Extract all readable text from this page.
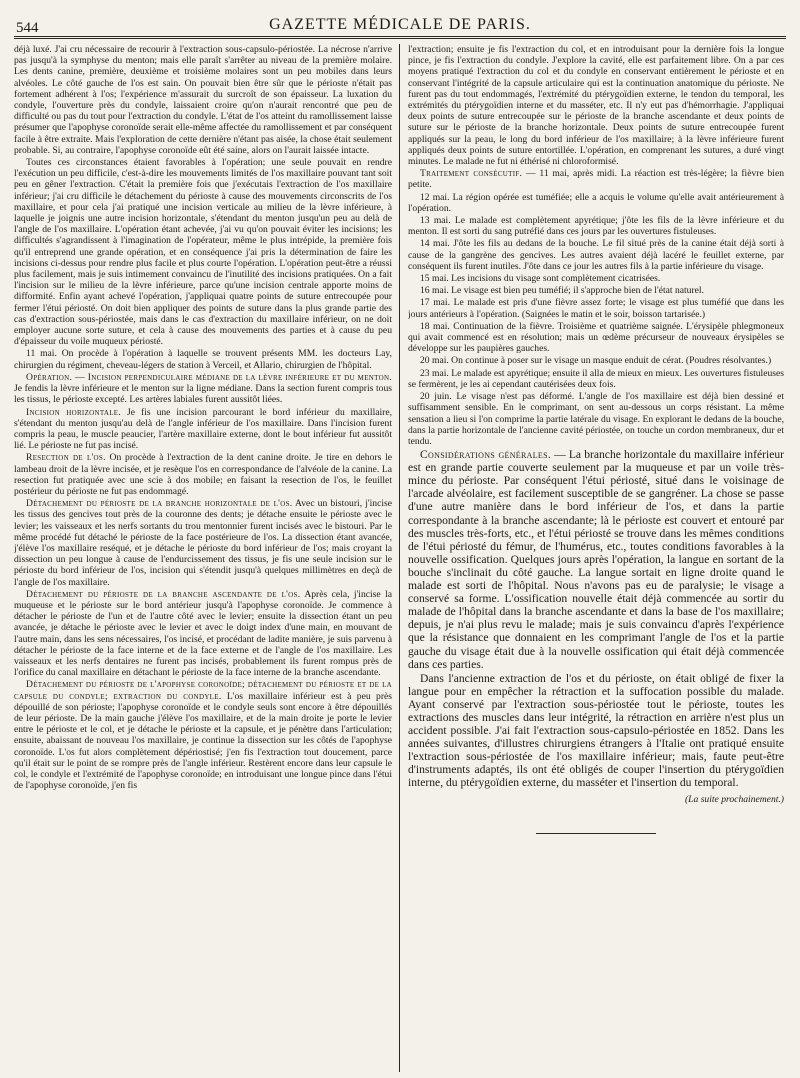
544	GAZETTE MÉDICALE DE PARIS.

déjà luxé. J'ai cru nécessaire de recourir à l'extraction sous-capsulo-périostée. La nécrose n'arrive pas jusqu'à la symphyse du menton; mais elle paraît s'arrêter au niveau de la première molaire. Les dents canine, première, deuxième et troisième molaires sont un peu mobiles dans leurs alvéoles. Le côté gauche de l'os est sain. On pouvait bien être sûr que le périoste n'était pas fortement adhérent à l'os; l'expérience m'assurait du surcroît de son épaisseur. La luxation du condyle, l'ouverture près du condyle, laissaient croire qu'on n'aurait rencontré que peu de difficulté ou pas du tout pour l'extraction du condyle. L'état de l'os atteint du ramollissement laisse présumer que l'apophyse coronoïde serait elle-même affectée du ramollissement et par conséquent facile à être extraite. Mais l'exploration de cette dernière n'étant pas aisée, la chose était seulement probable. Si, au contraire, l'apophyse coronoïde eût été saine, alors on l'aurait laissée intacte.

Toutes ces circonstances étaient favorables à l'opération; une seule pouvait en rendre l'exécution un peu difficile, c'est-à-dire les mouvements limités de l'os maxillaire pouvant tant soit peu en gêner l'extraction. C'était la première fois que j'exécutais l'extraction de l'os maxillaire inférieur; j'ai cru difficile le détachement du périoste à cause des mouvements circonscrits de l'os maxillaire, et pour cela j'ai pratiqué une incision verticale au milieu de la lèvre inférieure, à laquelle je joignis une autre incision horizontale, s'étendant du menton jusqu'un peu au delà de l'angle de l'os maxillaire. L'opération étant achevée, j'ai vu qu'on pouvait éviter les incisions; les difficultés s'agrandissent à l'imagination de l'opérateur, même le plus intrépide, la première fois qu'il entreprend une grande opération, et en conséquence j'ai pris la détermination de faire les incisions ci-dessus pour rendre plus facile et plus courte l'opération. L'opération peut-être a réussi plus facilement, mais je suis intimement convaincu de l'inutilité des incisions pratiquées. On a fait l'incision sur le milieu de la lèvre inférieure, parce qu'une incision centrale apporte moins de difformité. Enfin ayant achevé l'opération, j'appliquai quatre points de suture entrecoupée pour fermer l'étui périosté. On doit bien appliquer des points de suture dans la plus grande partie des cas d'extraction sous-périostée, mais dans le cas d'extraction du maxillaire inférieur, on ne doit employer aucune sorte suture, et cela à cause des mouvements des parties et à cause du peu d'épaisseur du voile muqueux périosté.

11 mai. On procède à l'opération à laquelle se trouvent présents MM. les docteurs Lay, chirurgien du régiment, cheveau-légers de station à Verceil, et Allario, chirurgien de l'hôpital.

Opération. — Incision perpendiculaire médiane de la lèvre inférieure et du menton. Je fendis la lèvre inférieure et le menton sur la ligne médiane. Dans la section furent compris tous les tissus, le périoste excepté. Les artères labiales furent aussitôt liées.

Incision horizontale. Je fis une incision parcourant le bord inférieur du maxillaire, s'étendant du menton jusqu'au delà de l'angle inférieur de l'os maxillaire. Dans l'incision furent compris la peau, le muscle peaucier, l'artère maxillaire externe, dont le bout inférieur fut aussitôt lié. Le périoste ne fut pas incisé.

Resection de l'os. On procède à l'extraction de la dent canine droite. Je tire en dehors le lambeau droit de la lèvre incisée, et je resèque l'os en correspondance de l'alvéole de la canine. La resection fut pratiquée avec une scie à dos mobile; en faisant la resection de l'os, le feuillet postérieur du périoste ne fut pas endommagé.

Détachement du périoste de la branche horizontale de l'os. Avec un bistouri, j'incise les tissus des gencives tout près de la couronne des dents; je détache ensuite le périoste avec le levier; les vaisseaux et les nerfs sortants du trou mentonnier furent incisés avec le bistouri. Par le même procédé fut détaché le périoste de la face postérieure de l'os. La dissection étant avancée, j'élève l'os maxillaire reséqué, et je détache le périoste du bord inférieur de l'os; mais croyant la dissection un peu longue à cause de l'endurcissement des tissus, je fis une seule incision sur le périoste du bord inférieur de l'os, incision qui s'étendit jusqu'à quelques millimètres en deçà de l'angle de l'os maxillaire.

Détachement du périoste de la branche ascendante de l'os. Après cela, j'incise la muqueuse et le périoste sur le bord antérieur jusqu'à l'apophyse coronoïde. Je commence à détacher le périoste de l'un et de l'autre côté avec le levier; ensuite la dissection étant un peu avancée, je détache le périoste avec le levier et avec le doigt index d'une main, en mouvant de l'autre main, dans les sens nécessaires, l'os incisé, et procédant de ladite manière, je suis parvenu à détacher le périoste de la face interne et de la face externe et de l'angle de l'os maxillaire. Les vaisseaux et les nerfs dentaires ne furent pas incisés, probablement ils furent rompus près de l'orifice du canal maxillaire en détachant le périoste de la face interne de la branche ascendante.

Détachement du périoste de l'apophyse coronoïde; détachement du périoste et de la capsule du condyle; extraction du condyle. L'os maxillaire inférieur est à peu près dépouillé de son périoste; l'apophyse coronoïde et le condyle seuls sont encore à être dépouillés de leur périoste. De la main gauche j'élève l'os maxillaire, et de la main droite je porte le levier entre le périoste et le col, et je détache le périoste et la capsule, et je pénètre dans l'articulation; ensuite, abaissant de nouveau l'os maxillaire, je continue la dissection sur les côtés de l'apophyse coronoïde. L'os fut alors complètement dépériostisé; j'en fis l'extraction tout doucement, parce qu'il était sur le point de se rompre près de l'angle inférieur. Restèrent encore dans leur capsule le col, le condyle et l'extrémité de l'apophyse coronoïde; en introduisant une longue pince dans l'étui de l'apophyse coronoïde, j'en fis

l'extraction; ensuite je fis l'extraction du col, et en introduisant pour la dernière fois la longue pince, je fis l'extraction du condyle. J'explore la cavité, elle est parfaitement libre. On a par ces moyens pratiqué l'extraction du col et du condyle en conservant entièrement le périoste et en conservant l'intégrité de la capsule articulaire qui est la continuation anatomique du périoste. Ne furent pas du tout endommagés, l'extrémité du ptérygoïdien externe, le tendon du temporal, les extrémités du ptérygoïdien interne et du masséter, etc. Il n'y eut pas d'hémorrhagie. J'appliquai deux points de suture entrecoupée sur le périoste de la branche ascendante et deux points de suture sur le périoste de la branche horizontale. Deux points de suture entrecoupée furent appliqués sur la peau, le long du bord inférieur de l'os maxillaire; à la lèvre inférieure furent appliqués deux points de suture entortillée. L'opération, en comprenant les sutures, a duré vingt minutes. Le malade ne fut ni éthérisé ni chloroformisé.

Traitement consécutif. — 11 mai, après midi. La réaction est très-légère; la fièvre bien petite.

12 mai. La région opérée est tuméfiée; elle a acquis le volume qu'elle avait antérieurement à l'opération.

13 mai. Le malade est complètement apyrétique; j'ôte les fils de la lèvre inférieure et du menton. Il est sorti du sang putréfié dans ces jours par les ouvertures fistuleuses.

14 mai. J'ôte les fils au dedans de la bouche. Le fil situé près de la canine était déjà sorti à cause de la gangrène des gencives. Les autres avaient déjà lacéré le feuillet externe, par conséquent ils furent inutiles. J'ôte dans ce jour les autres fils à la partie inférieure du visage.

15 mai. Les incisions du visage sont complètement cicatrisées.

16 mai. Le visage est bien peu tuméfié; il s'approche bien de l'état naturel.

17 mai. Le malade est pris d'une fièvre assez forte; le visage est plus tuméfié que dans les jours antérieurs à l'opération. (Saignées le matin et le soir, boisson tartarisée.)

18 mai. Continuation de la fièvre. Troisième et quatrième saignée. L'érysipèle phlegmoneux qui avait commencé est en résolution; mais un œdème précurseur de nouveaux érysipèles se développe sur les paupières gauches.

20 mai. On continue à poser sur le visage un masque enduit de cérat. (Poudres résolvantes.)

23 mai. Le malade est apyrétique; ensuite il alla de mieux en mieux. Les ouvertures fistuleuses se fermèrent, je les ai cependant cautérisées deux fois.

20 juin. Le visage n'est pas déformé. L'angle de l'os maxillaire est déjà bien dessiné et suffisamment sensible. En le comprimant, on sent au-dessous un corps résistant. La même sensation a lieu si l'on comprime la partie latérale du visage. En explorant le dedans de la bouche, dans la partie horizontale de l'ancienne cavité périostée, on touche un cordon membraneux, dur et tendu.

Considérations générales. — La branche horizontale du maxillaire inférieur est en grande partie couverte seulement par la muqueuse et par un voile très-mince du périoste. Par conséquent l'étui périosté, situé dans le voisinage de l'arcade alvéolaire, est facilement susceptible de se gangréner. La chose se passe d'une autre manière dans le bord inférieur de l'os, et dans la partie correspondante à la branche ascendante; là le périoste est couvert et entouré par des muscles très-forts, etc., et l'étui périosté se trouve dans les mêmes conditions de l'étui périosté du fémur, de l'humérus, etc., toutes conditions favorables à la nouvelle ossification. Quelques jours après l'opération, la langue en sortant de la bouche s'inclinait du côté gauche. La langue sortait en ligne droite quand le malade est sorti de l'hôpital. Nous n'avons pas eu de paralysie; le visage a conservé sa forme. L'ossification nouvelle était déjà commencée au sortir du malade de l'hôpital dans la branche ascendante et dans la base de l'os maxillaire; depuis, je n'ai plus revu le malade; mais je suis convaincu d'après l'expérience que la résistance que donnaient en les comprimant l'angle de l'os et la partie gauche du visage était due à la nouvelle ossification qui était déjà commencée dans ces parties.

Dans l'ancienne extraction de l'os et du périoste, on était obligé de fixer la langue pour en empêcher la rétraction et la suffocation possible du malade. Ayant conservé par l'extraction sous-périostée tout le périoste, toutes les extractions des muscles dans leur intégrité, la rétraction en arrière n'est plus un accident possible. J'ai fait l'extraction sous-capsulo-périostée en 1852. Dans les années suivantes, d'illustres chirurgiens étrangers à l'Italie ont pratiqué ensuite l'extraction sous-périostée de l'os maxillaire inférieur; mais, faute peut-être d'instruments adaptés, ils ont été obligés de couper l'insertion du ptérygoïdien interne, du ptérygoïdien externe, du masséter et l'insertion du temporal.

(La suite prochainement.)
